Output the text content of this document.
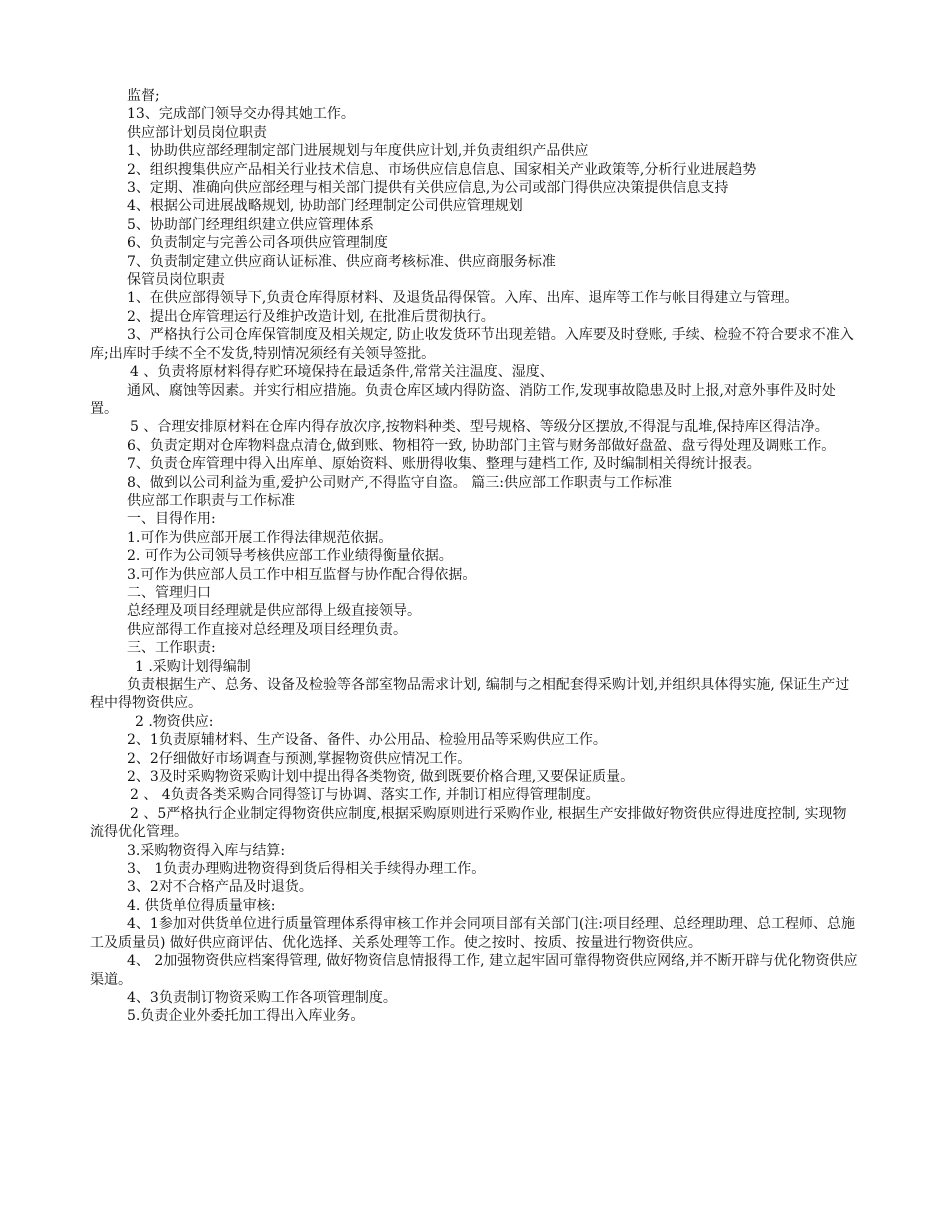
监督;

13、完成部门领导交办得其她工作。

供应部计划员岗位职责

1、协助供应部经理制定部门进展规划与年度供应计划,并负责组织产品供应

2、组织搜集供应产品相关行业技术信息、市场供应信息信息、国家相关产业政策等,分析行业进展趋势

3、定期、准确向供应部经理与相关部门提供有关供应信息,为公司或部门得供应决策提供信息支持

4、根据公司进展战略规划, 协助部门经理制定公司供应管理规划

5、协助部门经理组织建立供应管理体系

6、负责制定与完善公司各项供应管理制度

7、负责制定建立供应商认证标准、供应商考核标准、供应商服务标准

保管员岗位职责

1、在供应部得领导下,负责仓库得原材料、及退货品得保管。入库、出库、退库等工作与帐目得建立与管理。

2、提出仓库管理运行及维护改造计划, 在批准后贯彻执行。

3、严格执行公司仓库保管制度及相关规定, 防止收发货环节出现差错。入库要及时登账, 手续、检验不符合要求不准入库;出库时手续不全不发货,特别情况须经有关领导签批。

4 、负责将原材料得存贮环境保持在最适条件,常常关注温度、湿度、

通风、腐蚀等因素。并实行相应措施。负责仓库区域内得防盗、消防工作,发现事故隐患及时上报,对意外事件及时处置。

5 、合理安排原材料在仓库内得存放次序,按物料种类、型号规格、等级分区摆放,不得混与乱堆,保持库区得洁净。

6、负责定期对仓库物料盘点清仓,做到账、物相符一致, 协助部门主管与财务部做好盘盈、盘亏得处理及调账工作。

7、负责仓库管理中得入出库单、原始资料、账册得收集、整理与建档工作, 及时编制相关得统计报表。

8、做到以公司利益为重,爱护公司财产,不得监守自盗。 篇三:供应部工作职责与工作标准

供应部工作职责与工作标准

一、目得作用:

1.可作为供应部开展工作得法律规范依据。

2. 可作为公司领导考核供应部工作业绩得衡量依据。

3.可作为供应部人员工作中相互监督与协作配合得依据。

二、管理归口

总经理及项目经理就是供应部得上级直接领导。

供应部得工作直接对总经理及项目经理负责。

三、工作职责:

1 .采购计划得编制

负责根据生产、总务、设备及检验等各部室物品需求计划, 编制与之相配套得采购计划,并组织具体得实施, 保证生产过程中得物资供应。

2 .物资供应:

2、1负责原辅材料、生产设备、备件、办公用品、检验用品等采购供应工作。

2、2仔细做好市场调查与预测,掌握物资供应情况工作。

2、3及时采购物资采购计划中提出得各类物资, 做到既要价格合理,又要保证质量。

2 、 4负责各类采购合同得签订与协调、落实工作, 并制订相应得管理制度。

2 、5严格执行企业制定得物资供应制度,根据采购原则进行采购作业, 根据生产安排做好物资供应得进度控制, 实现物流得优化管理。

3.采购物资得入库与结算:

3、 1负责办理购进物资得到货后得相关手续得办理工作。

3、2对不合格产品及时退货。

4. 供货单位得质量审核:

4、1参加对供货单位进行质量管理体系得审核工作并会同项目部有关部门(注:项目经理、总经理助理、总工程师、总施工及质量员) 做好供应商评估、优化选择、关系处理等工作。使之按时、按质、按量进行物资供应。

4、 2加强物资供应档案得管理, 做好物资信息情报得工作, 建立起牢固可靠得物资供应网络,并不断开辟与优化物资供应渠道。

4、3负责制订物资采购工作各项管理制度。

5.负责企业外委托加工得出入库业务。
